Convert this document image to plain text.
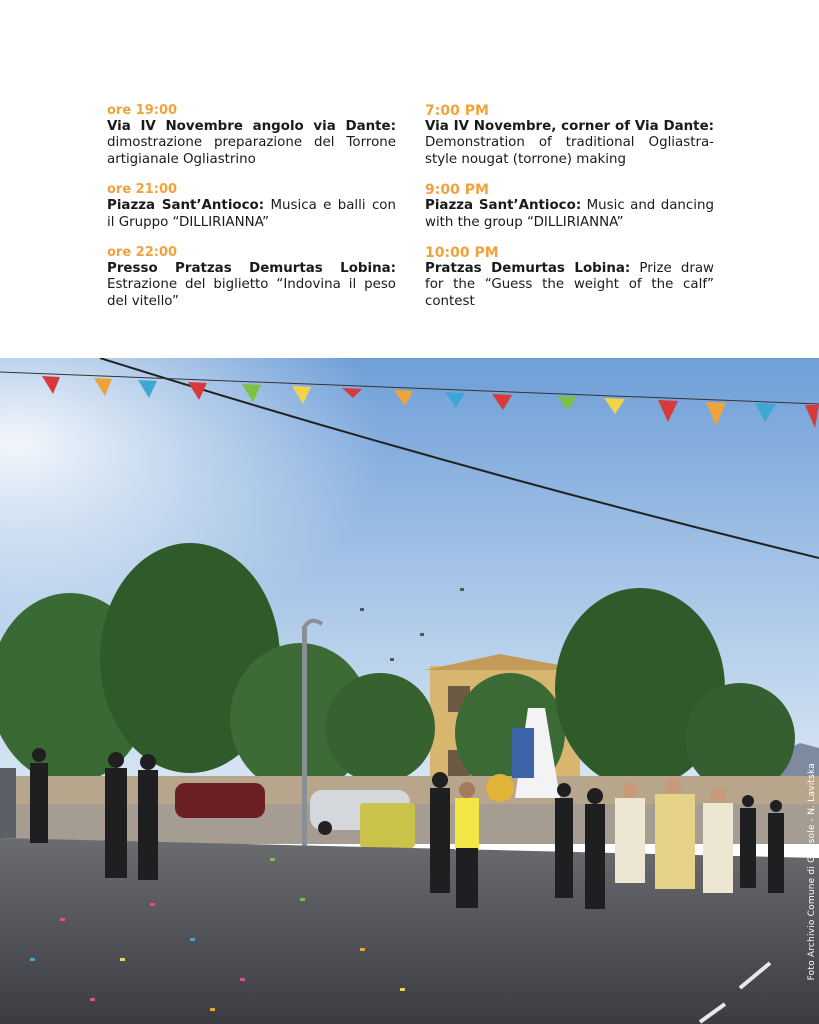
ore 19:00
Via IV Novembre angolo via Dante: dimostrazione preparazione del Torrone artigianale Ogliastrino
ore 21:00
Piazza Sant’Antioco: Musica e balli con il Gruppo “DILLIRIANNA”
ore 22:00
Presso Pratzas Demurtas Lobina: Estrazione del biglietto “Indovina il peso del vitello”
7:00 PM
Via IV Novembre, corner of Via Dante: Demonstration of traditional Ogliastra-style nougat (torrone) making
9:00 PM
Piazza Sant’Antioco: Music and dancing with the group “DILLIRIANNA”
10:00 PM
Pratzas Demurtas Lobina: Prize draw for the “Guess the weight of the calf” contest
Foto Archivio Comune di Girasole - N. Lavitska
